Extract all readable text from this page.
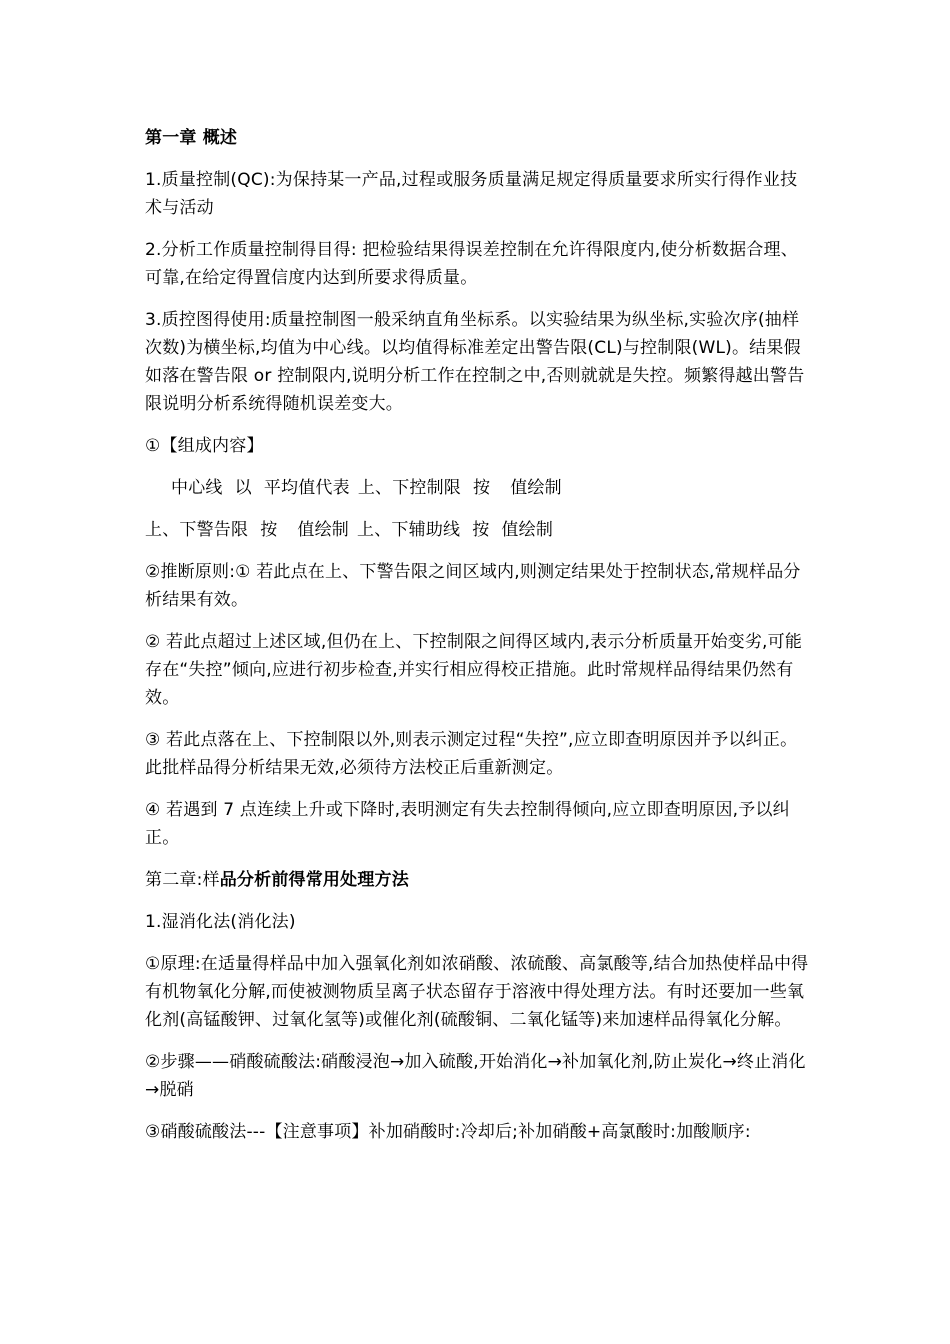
第一章 概述

1.质量控制(QC):为保持某一产品,过程或服务质量满足规定得质量要求所实行得作业技术与活动

2.分析工作质量控制得目得: 把检验结果得误差控制在允许得限度内,使分析数据合理、可靠,在给定得置信度内达到所要求得质量。

3.质控图得使用:质量控制图一般采纳直角坐标系。以实验结果为纵坐标,实验次序(抽样次数)为横坐标,均值为中心线。以均值得标准差定出警告限(CL)与控制限(WL)。结果假如落在警告限 or 控制限内,说明分析工作在控制之中,否则就就是失控。频繁得越出警告限说明分析系统得随机误差变大。

①【组成内容】

中心线 以 平均值代表 上、下控制限 按 值绘制

上、下警告限 按 值绘制 上、下辅助线 按 值绘制

②推断原则:① 若此点在上、下警告限之间区域内,则测定结果处于控制状态,常规样品分析结果有效。

② 若此点超过上述区域,但仍在上、下控制限之间得区域内,表示分析质量开始变劣,可能存在“失控”倾向,应进行初步检查,并实行相应得校正措施。此时常规样品得结果仍然有效。

③ 若此点落在上、下控制限以外,则表示测定过程“失控”,应立即查明原因并予以纠正。此批样品得分析结果无效,必须待方法校正后重新测定。

④ 若遇到 7 点连续上升或下降时,表明测定有失去控制得倾向,应立即查明原因,予以纠正。

第二章:样品分析前得常用处理方法

1.湿消化法(消化法)

①原理:在适量得样品中加入强氧化剂如浓硝酸、浓硫酸、高氯酸等,结合加热使样品中得有机物氧化分解,而使被测物质呈离子状态留存于溶液中得处理方法。有时还要加一些氧化剂(高锰酸钾、过氧化氢等)或催化剂(硫酸铜、二氧化锰等)来加速样品得氧化分解。

②步骤——硝酸硫酸法:硝酸浸泡→加入硫酸,开始消化→补加氧化剂,防止炭化→终止消化→脱硝

③硝酸硫酸法---【注意事项】补加硝酸时:冷却后;补加硝酸+高氯酸时:加酸顺序:
